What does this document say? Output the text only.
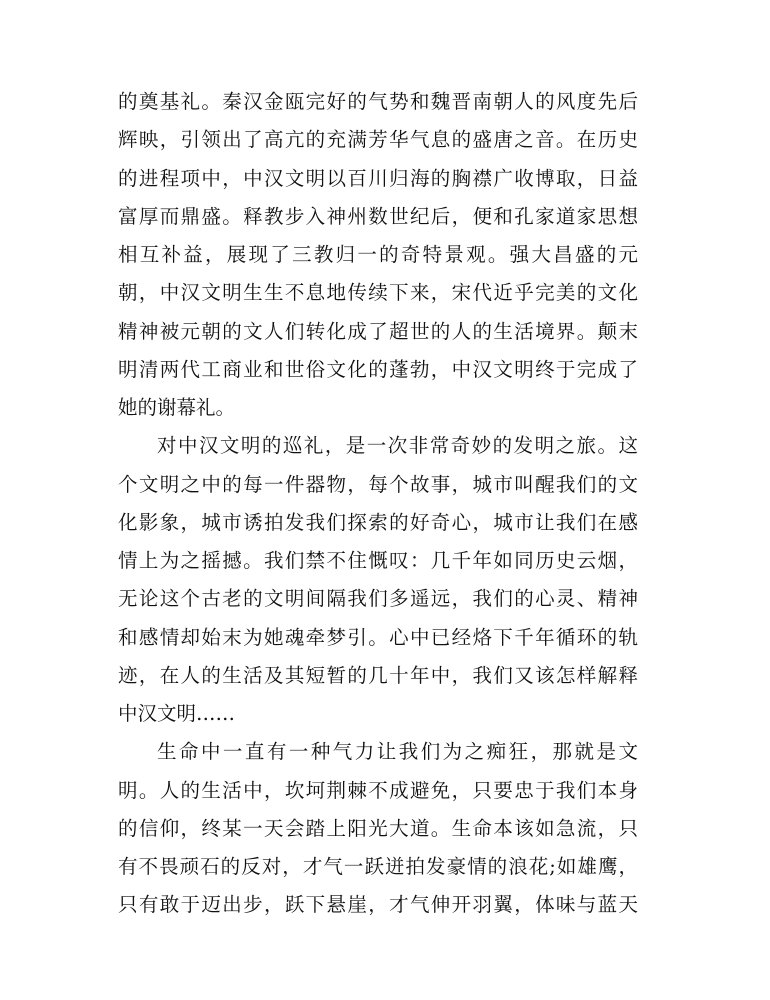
的奠基礼。秦汉金瓯完好的气势和魏晋南朝人的风度先后
辉映，引领出了高亢的充满芳华气息的盛唐之音。在历史
的进程项中，中汉文明以百川归海的胸襟广收博取，日益
富厚而鼎盛。释教步入神州数世纪后，便和孔家道家思想
相互补益，展现了三教归一的奇特景观。强大昌盛的元
朝，中汉文明生生不息地传续下来，宋代近乎完美的文化
精神被元朝的文人们转化成了超世的人的生活境界。颠末
明清两代工商业和世俗文化的蓬勃，中汉文明终于完成了
她的谢幕礼。
对中汉文明的巡礼，是一次非常奇妙的发明之旅。这
个文明之中的每一件器物，每个故事，城市叫醒我们的文
化影象，城市诱拍发我们探索的好奇心，城市让我们在感
情上为之摇撼。我们禁不住慨叹：几千年如同历史云烟，
无论这个古老的文明间隔我们多遥远，我们的心灵、精神
和感情却始末为她魂牵梦引。心中已经烙下千年循环的轨
迹，在人的生活及其短暂的几十年中，我们又该怎样解释
中汉文明……
生命中一直有一种气力让我们为之痴狂，那就是文
明。人的生活中，坎坷荆棘不成避免，只要忠于我们本身
的信仰，终某一天会踏上阳光大道。生命本该如急流，只
有不畏顽石的反对，才气一跃迸拍发豪情的浪花;如雄鹰，
只有敢于迈出步，跃下悬崖，才气伸开羽翼，体味与蓝天
